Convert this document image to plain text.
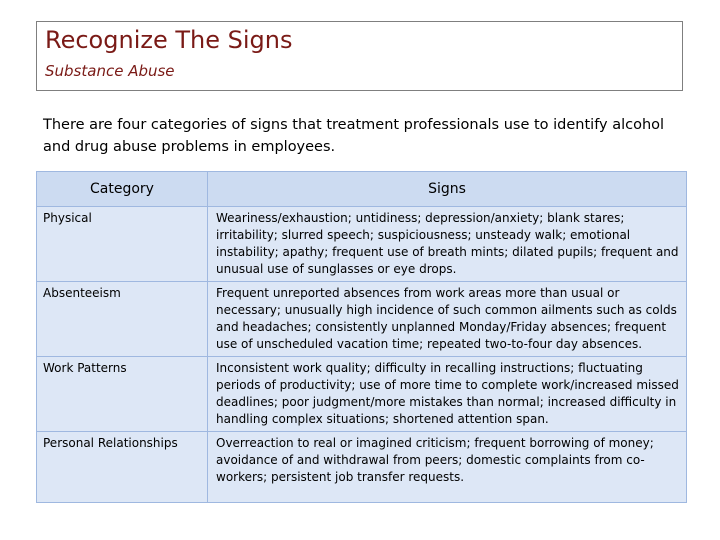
Recognize The Signs
Substance Abuse
There are four categories of signs that treatment professionals use to identify alcohol and drug abuse problems in employees.
Category	Signs
Physical	Weariness/exhaustion; untidiness; depression/anxiety; blank stares; irritability; slurred speech; suspiciousness; unsteady walk; emotional instability; apathy; frequent use of breath mints; dilated pupils; frequent and unusual use of sunglasses or eye drops.
Absenteeism	Frequent unreported absences from work areas more than usual or necessary; unusually high incidence of such common ailments such as colds and headaches; consistently unplanned Monday/Friday absences; frequent use of unscheduled vacation time; repeated two-to-four day absences.
Work Patterns	Inconsistent work quality; difficulty in recalling instructions; fluctuating periods of productivity; use of more time to complete work/increased missed deadlines; poor judgment/more mistakes than normal; increased difficulty in handling complex situations; shortened attention span.
Personal Relationships	Overreaction to real or imagined criticism; frequent borrowing of money; avoidance of and withdrawal from peers; domestic complaints from co-workers; persistent job transfer requests.
